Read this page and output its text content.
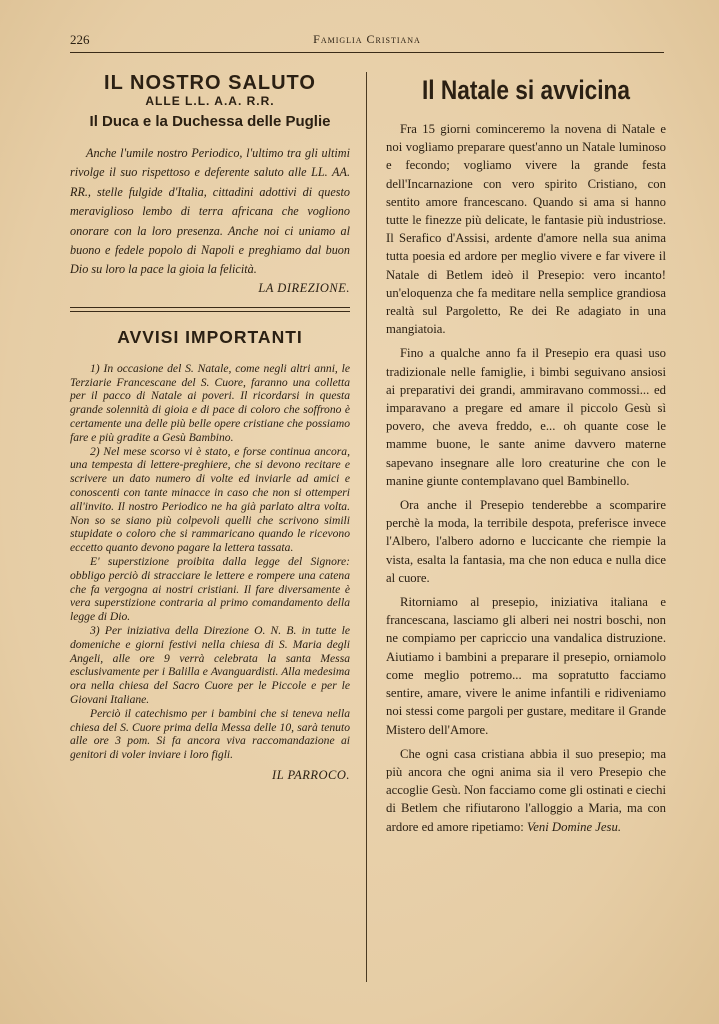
226	Famiglia Cristiana
IL NOSTRO SALUTO
ALLE L.L. A.A. R.R.
Il Duca e la Duchessa delle Puglie

Anche l'umile nostro Periodico, l'ultimo tra gli ultimi rivolge il suo rispettoso e deferente saluto alle LL. AA. RR., stelle fulgide d'Italia, cittadini adottivi di questo meraviglioso lembo di terra africana che vogliono onorare con la loro presenza. Anche noi ci uniamo al buono e fedele popolo di Napoli e preghiamo dal buon Dio su loro la pace la gioia la felicità.

LA DIREZIONE.
AVVISI IMPORTANTI

1) In occasione del S. Natale, come negli altri anni, le Terziarie Francescane del S. Cuore, faranno una colletta per il pacco di Natale ai poveri. Il ricordarsi in questa grande solennità di gioia e di pace di coloro che soffrono è certamente una delle più belle opere cristiane che possiamo fare e più gradite a Gesù Bambino.

2) Nel mese scorso vi è stato, e forse continua ancora, una tempesta di lettere-preghiere, che si devono recitare e scrivere un dato numero di volte ed inviarle ad amici e conoscenti con tante minacce in caso che non si ottemperi all'invito. Il nostro Periodico ne ha già parlato altra volta. Non so se siano più colpevoli quelli che scrivono simili stupidate o coloro che si rammaricano quando le ricevono eccetto quanto devono pagare la lettera tassata.

E' superstizione proibita dalla legge del Signore: obbligo perciò di stracciare le lettere e rompere una catena che fa vergogna ai nostri cristiani. Il fare diversamente è vera superstizione contraria al primo comandamento della legge di Dio.

3) Per iniziativa della Direzione O. N. B. in tutte le domeniche e giorni festivi nella chiesa di S. Maria degli Angeli, alle ore 9 verrà celebrata la santa Messa esclusivamente per i Balilla e Avanguardisti. Alla medesima ora nella chiesa del Sacro Cuore per le Piccole e per le Giovani Italiane.

Perciò il catechismo per i bambini che si teneva nella chiesa del S. Cuore prima della Messa delle 10, sarà tenuto alle ore 3 pom. Si fa ancora viva raccomandazione ai genitori di voler inviare i loro figli.

IL PARROCO.
Il Natale si avvicina

Fra 15 giorni cominceremo la novena di Natale e noi vogliamo preparare quest'anno un Natale luminoso e fecondo; vogliamo vivere la grande festa dell'Incarnazione con vero spirito Cristiano, con sentito amore francescano. Quando si ama si hanno tutte le finezze più delicate, le fantasie più industriose. Il Serafico d'Assisi, ardente d'amore nella sua anima tutta poesia ed ardore per meglio vivere e far vivere il Natale di Betlem ideò il Presepio: vero incanto! un'eloquenza che fa meditare nella semplice grandiosa realtà sul Pargoletto, Re dei Re adagiato in una mangiatoia.

Fino a qualche anno fa il Presepio era quasi uso tradizionale nelle famiglie, i bimbi seguivano ansiosi ai preparativi dei grandi, ammiravano commossi... ed imparavano a pregare ed amare il piccolo Gesù sì povero, che aveva freddo, e... oh quante cose le mamme buone, le sante anime davvero materne sapevano insegnare alle loro creaturine che con le manine giunte contemplavano quel Bambinello.

Ora anche il Presepio tenderebbe a scomparire perchè la moda, la terribile despota, preferisce invece l'Albero, l'albero adorno e luccicante che riempie la vista, esalta la fantasia, ma che non educa e nulla dice al cuore.

Ritorniamo al presepio, iniziativa italiana e francescana, lasciamo gli alberi nei nostri boschi, non ne compiamo per capriccio una vandalica distruzione. Aiutiamo i bambini a preparare il presepio, orniamolo come meglio potremo... ma sopratutto facciamo sentire, amare, vivere le anime infantili e ridiveniamo noi stessi come pargoli per gustare, meditare il Grande Mistero dell'Amore.

Che ogni casa cristiana abbia il suo presepio; ma più ancora che ogni anima sia il vero Presepio che accoglie Gesù. Non facciamo come gli ostinati e ciechi di Betlem che rifiutarono l'alloggio a Maria, ma con ardore ed amore ripetiamo: Veni Domine Jesu.
